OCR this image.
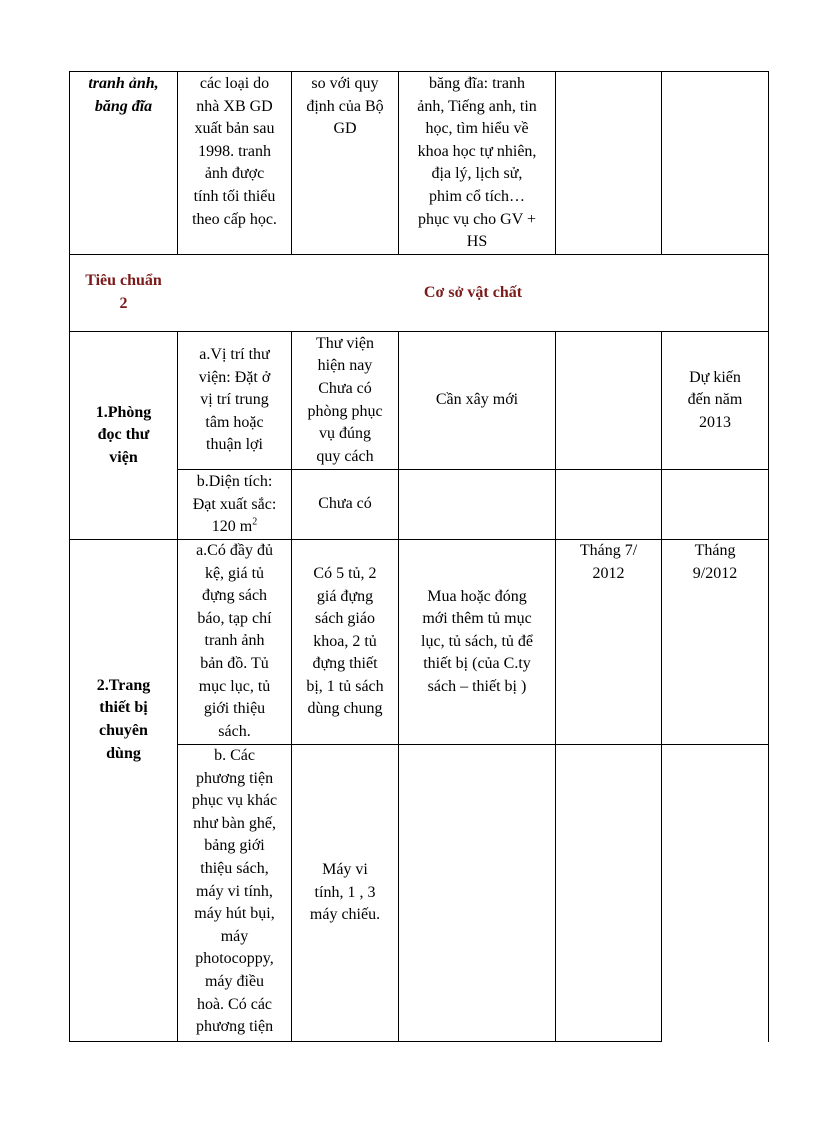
tranh ảnh,
băng đĩa
các loại do
nhà XB GD
xuất bản sau
1998. tranh
ảnh được
tính tối thiểu
theo cấp học.
so với quy
định của Bộ
GD
băng đĩa: tranh
ảnh, Tiếng anh, tin
học, tìm hiểu về
khoa học tự nhiên,
địa lý, lịch sử,
phim cổ tích…
phục vụ cho GV +
HS
Tiêu chuẩn
2
Cơ sở vật chất
1.Phòng
đọc thư
viện
a.Vị trí thư
viện: Đặt ở
vị trí trung
tâm hoặc
thuận lợi
Thư viện
hiện nay
Chưa có
phòng phục
vụ đúng
quy cách
Cần xây mới
Dự kiến
đến năm
2013
b.Diện tích:
Đạt xuất sắc:
120 $m^2$
Chưa có
2.Trang
thiết bị
chuyên
dùng
a.Có đầy đủ
kệ, giá tủ
đựng sách
báo, tạp chí
tranh ảnh
bản đồ. Tủ
mục lục, tủ
giới thiệu
sách.
Có 5 tủ, 2
giá đựng
sách giáo
khoa, 2 tủ
đựng thiết
bị, 1 tủ sách
dùng chung
Mua hoặc đóng
mới thêm tủ mục
lục, tủ sách, tủ để
thiết bị (của C.ty
sách – thiết bị )
Tháng 7/
2012
Tháng
9/2012
b. Các
phương tiện
phục vụ khác
như bàn ghế,
bảng giới
thiệu sách,
máy vi tính,
máy hút bụi,
máy
photocoppy,
máy điều
hoà. Có các
phương tiện
Máy vi
tính, 1 , 3
máy chiếu.
